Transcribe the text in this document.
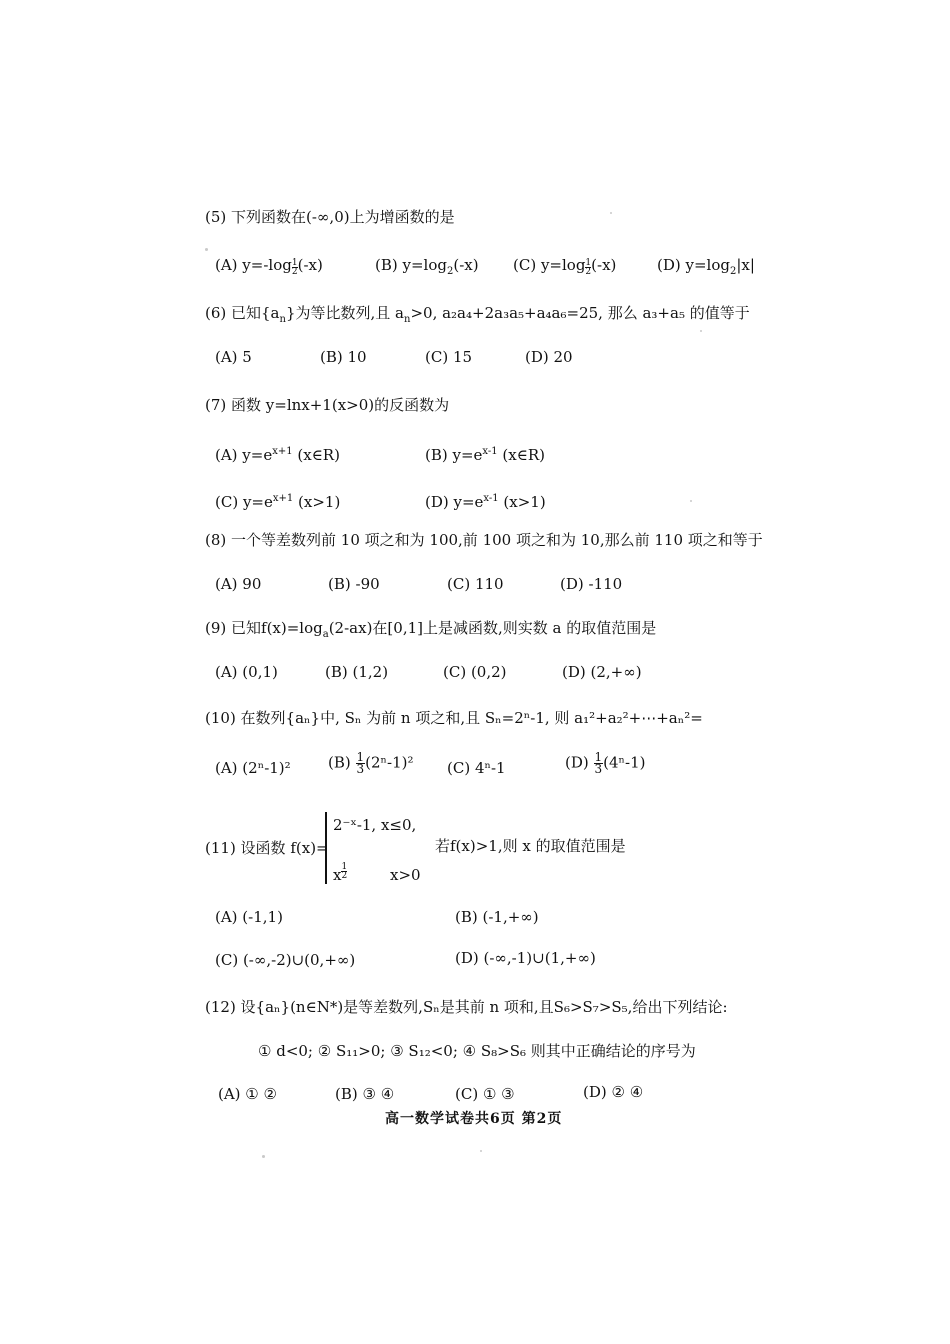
(5) 下列函数在(-∞,0)上为增函数的是
(A) $y=-\log \frac{1}{2} (-x)$	(B) $y=\log_2(-x)$ (C) $y=\log \frac{1}{2} (-x)$	(D) $y=\log_2|x|$
(6) 已知$\{a_n\}$为等比数列,且 $a_n>0$, a₂a₄+2a₃a₅+a₄a₆=25, 那么 a₃+a₅ 的值等于
(A) 5	(B) 10	(C) 15	(D) 20
(7) 函数 y=lnx+1(x>0)的反函数为
(A) $y=e^{x+1}$ (x∈R)	(B) $y=e^{x-1}$ (x∈R)
(C) $y=e^{x+1}$ (x>1)	(D) $y=e^{x-1}$ (x>1)
(8) 一个等差数列前 10 项之和为 100,前 100 项之和为 10,那么前 110 项之和等于
(A) 90	(B) -90	(C) 110	(D) -110
(9) 已知$f(x)=\log_a(2-ax)$在[0,1]上是减函数,则实数 a 的取值范围是
(A) (0,1)	(B) (1,2)	(C) (0,2)	(D) (2,+∞)
(10) 在数列{aₙ}中, Sₙ 为前 n 项之和,且 Sₙ=2ⁿ-1, 则 a₁²+a₂²+⋯+aₙ²=
(A) (2ⁿ-1)² $(B) \frac{1}{3} (2^n-1)^2$ (C) 4ⁿ-1	$(D) \frac{1}{3} (4^n-1)$
(11) 设函数 f(x)=
2⁻ˣ-1, x≤0,
x $^{\frac{1}{2}}$	x>0
若f(x)>1,则 x 的取值范围是
(A) (-1,1)	(B) (-1,+∞)
(C) (-∞,-2)∪(0,+∞)	(D) (-∞,-1)∪(1,+∞)
(12) 设{aₙ}(n∈N*)是等差数列,Sₙ是其前 n 项和,且S₆>S₇>S₅,给出下列结论:
① d<0; ② S₁₁>0; ③ S₁₂<0; ④ S₈>S₆ 则其中正确结论的序号为
(A) ① ②	(B) ③ ④	(C) ① ③	(D) ② ④
高一数学试卷共6页 第2页
